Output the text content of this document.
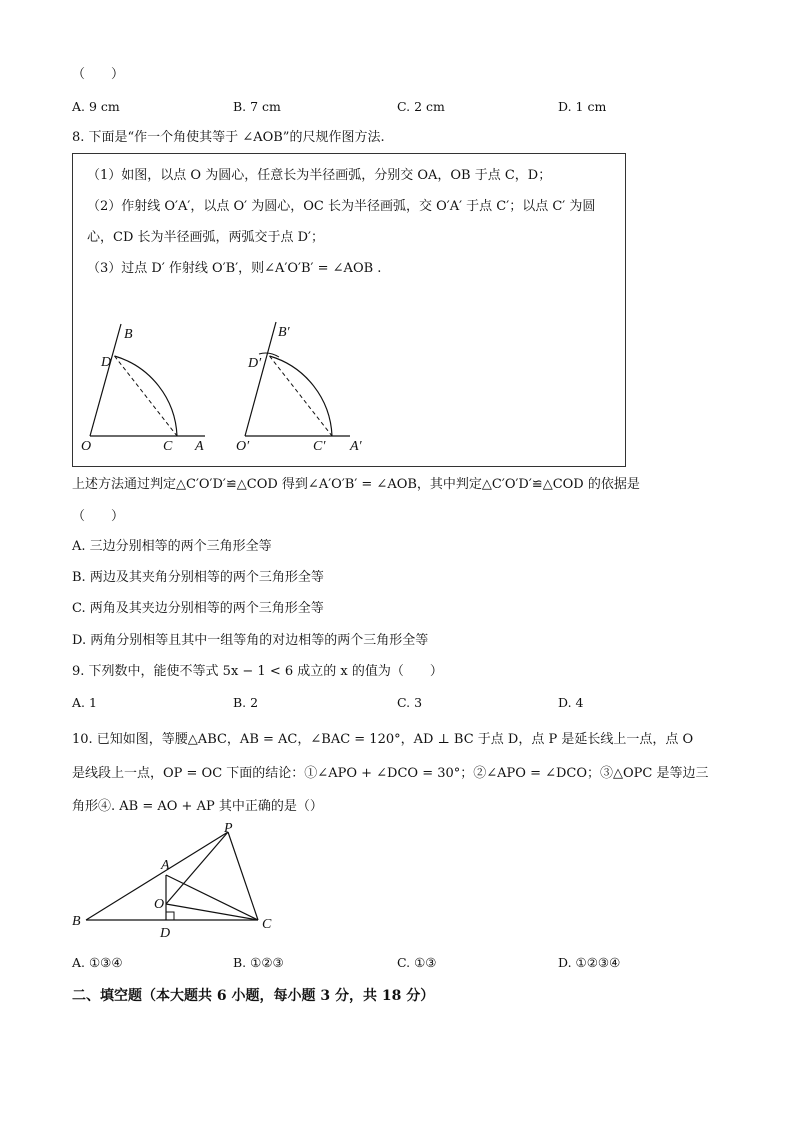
（　　）
A. 9 cm	B. 7 cm	C. 2 cm	D. 1 cm
8. 下面是“作一个角使其等于 ∠AOB”的尺规作图方法.
（1）如图，以点 O 为圆心，任意长为半径画弧，分别交 OA，OB 于点 C，D；
（2）作射线 O′A′，以点 O′ 为圆心，OC 长为半径画弧，交 O′A′ 于点 C′；以点 C′ 为圆
心，CD 长为半径画弧，两弧交于点 D′；
（3）过点 D′ 作射线 O′B′，则∠A′O′B′ = ∠AOB .
B
D
O	C A
B′
D′
O′	C′ A′
上述方法通过判定△C′O′D′≌△COD 得到∠A′O′B′ = ∠AOB，其中判定△C′O′D′≌△COD 的依据是
（　　）
A. 三边分别相等的两个三角形全等
B. 两边及其夹角分别相等的两个三角形全等
C. 两角及其夹边分别相等的两个三角形全等
D. 两角分别相等且其中一组等角的对边相等的两个三角形全等
9. 下列数中，能使不等式 5x − 1 < 6 成立的 x 的值为（　　）
A. 1	B. 2	C. 3	D. 4
10. 已知如图，等腰△ABC，AB = AC，∠BAC = 120°，AD ⊥ BC 于点 D，点 P 是延长线上一点，点 O
是线段上一点，OP = OC 下面的结论：①∠APO + ∠DCO = 30°；②∠APO = ∠DCO；③△OPC 是等边三
角形④. AB = AO + AP 其中正确的是（）
P
A
O
B	C
D
A. ①③④	B. ①②③	C. ①③	D. ①②③④
二、填空题（本大题共 6 小题，每小题 3 分，共 18 分）
